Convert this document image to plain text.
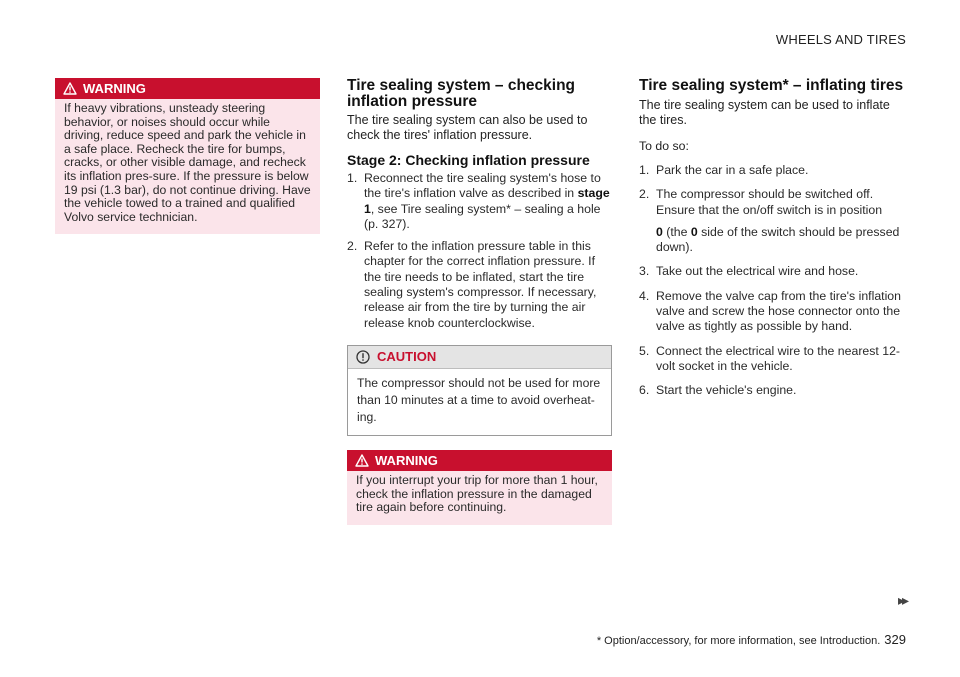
WHEELS AND TIRES
WARNING
If heavy vibrations, unsteady steering behavior, or noises should occur while driving, reduce speed and park the vehicle in a safe place. Recheck the tire for bumps, cracks, or other visible damage, and recheck its inflation pres-sure. If the pressure is below 19 psi (1.3 bar), do not continue driving. Have the vehicle towed to a trained and qualified Volvo service technician.
Tire sealing system – checking inflation pressure

The tire sealing system can also be used to check the tires' inflation pressure.

Stage 2: Checking inflation pressure
1. Reconnect the tire sealing system's hose to the tire's inflation valve as described in stage 1, see Tire sealing system* – sealing a hole (p. 327).
2. Refer to the inflation pressure table in this chapter for the correct inflation pressure. If the tire needs to be inflated, start the tire sealing system's compressor. If necessary, release air from the tire by turning the air release knob counterclockwise.
CAUTION
The compressor should not be used for more than 10 minutes at a time to avoid overheat-ing.
WARNING
If you interrupt your trip for more than 1 hour, check the inflation pressure in the damaged tire again before continuing.
Tire sealing system* – inflating tires

The tire sealing system can be used to inflate the tires.

To do so:

1. Park the car in a safe place.
2. The compressor should be switched off. Ensure that the on/off switch is in position
0 (the 0 side of the switch should be pressed down).
3. Take out the electrical wire and hose.
4. Remove the valve cap from the tire's inflation valve and screw the hose connector onto the valve as tightly as possible by hand.
5. Connect the electrical wire to the nearest 12-volt socket in the vehicle.
6. Start the vehicle's engine.
▸▸
* Option/accessory, for more information, see Introduction. 329
